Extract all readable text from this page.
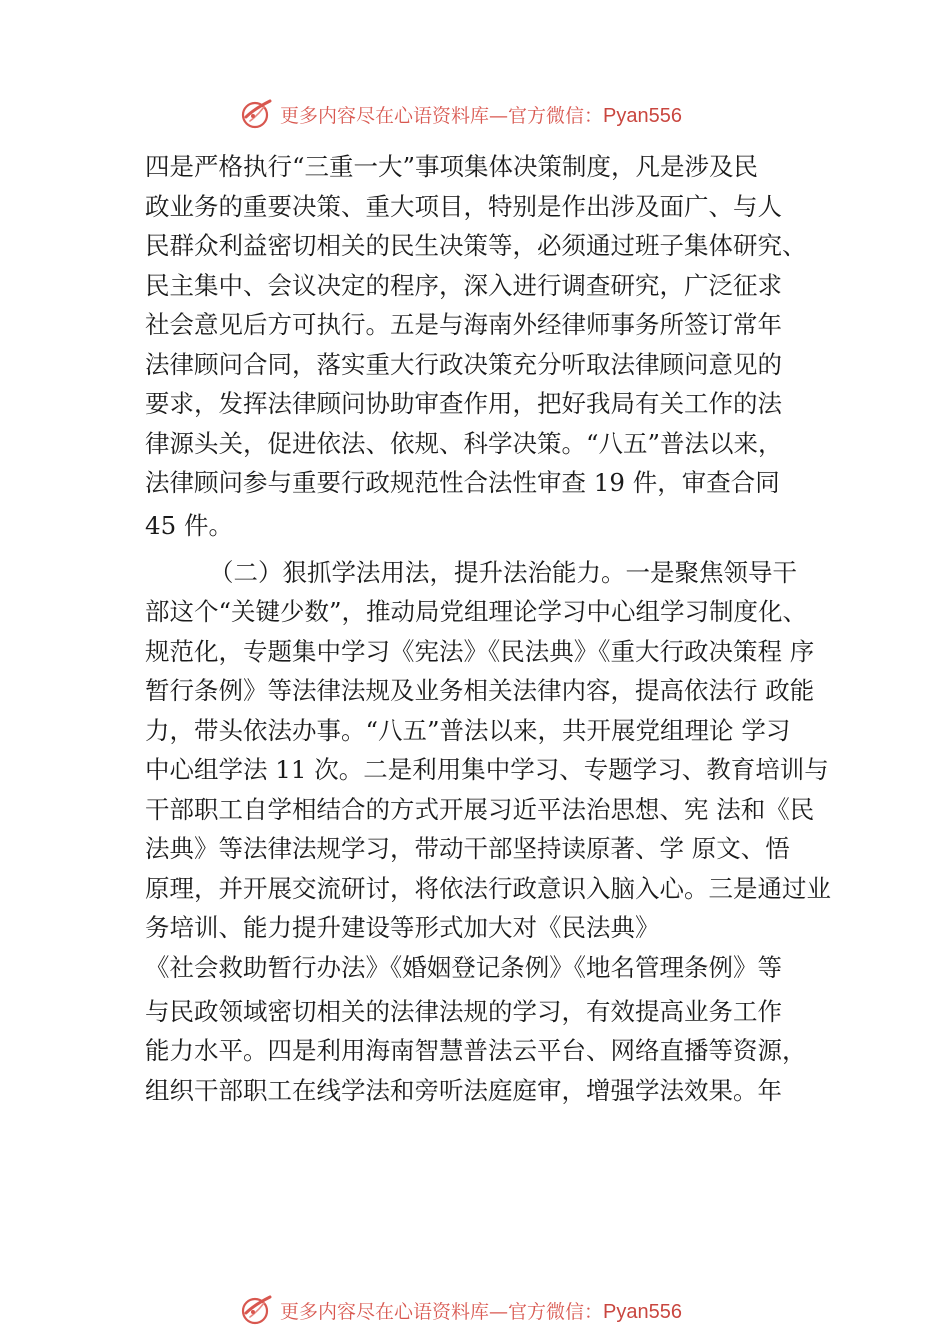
更多内容尽在心语资料库—官方微信：Pyan556
四是严格执行“三重一大”事项集体决策制度，凡是涉及民
政业务的重要决策、重大项目，特别是作出涉及面广、与人
民群众利益密切相关的民生决策等，必须通过班子集体研究、
民主集中、会议决定的程序，深入进行调查研究，广泛征求
社会意见后方可执行。五是与海南外经律师事务所签订常年
法律顾问合同，落实重大行政决策充分听取法律顾问意见的
要求，发挥法律顾问协助审查作用，把好我局有关工作的法
律源头关，促进依法、依规、科学决策。“八五”普法以来，
法律顾问参与重要行政规范性合法性审查 19 件，审查合同
45 件。
（二）狠抓学法用法，提升法治能力。一是聚焦领导干
部这个“关键少数”，推动局党组理论学习中心组学习制度化、
规范化，专题集中学习《宪法》《民法典》《重大行政决策程 序
暂行条例》等法律法规及业务相关法律内容，提高依法行 政能
力，带头依法办事。“八五”普法以来，共开展党组理论 学习
中心组学法 11 次。二是利用集中学习、专题学习、教育培训与
干部职工自学相结合的方式开展习近平法治思想、宪 法和《民
法典》等法律法规学习，带动干部坚持读原著、学 原文、悟
原理，并开展交流研讨，将依法行政意识入脑入心。三是通过业
务培训、能力提升建设等形式加大对《民法典》
《社会救助暂行办法》《婚姻登记条例》《地名管理条例》等
与民政领域密切相关的法律法规的学习，有效提高业务工作
能力水平。四是利用海南智慧普法云平台、网络直播等资源，
组织干部职工在线学法和旁听法庭庭审，增强学法效果。年
更多内容尽在心语资料库—官方微信：Pyan556
